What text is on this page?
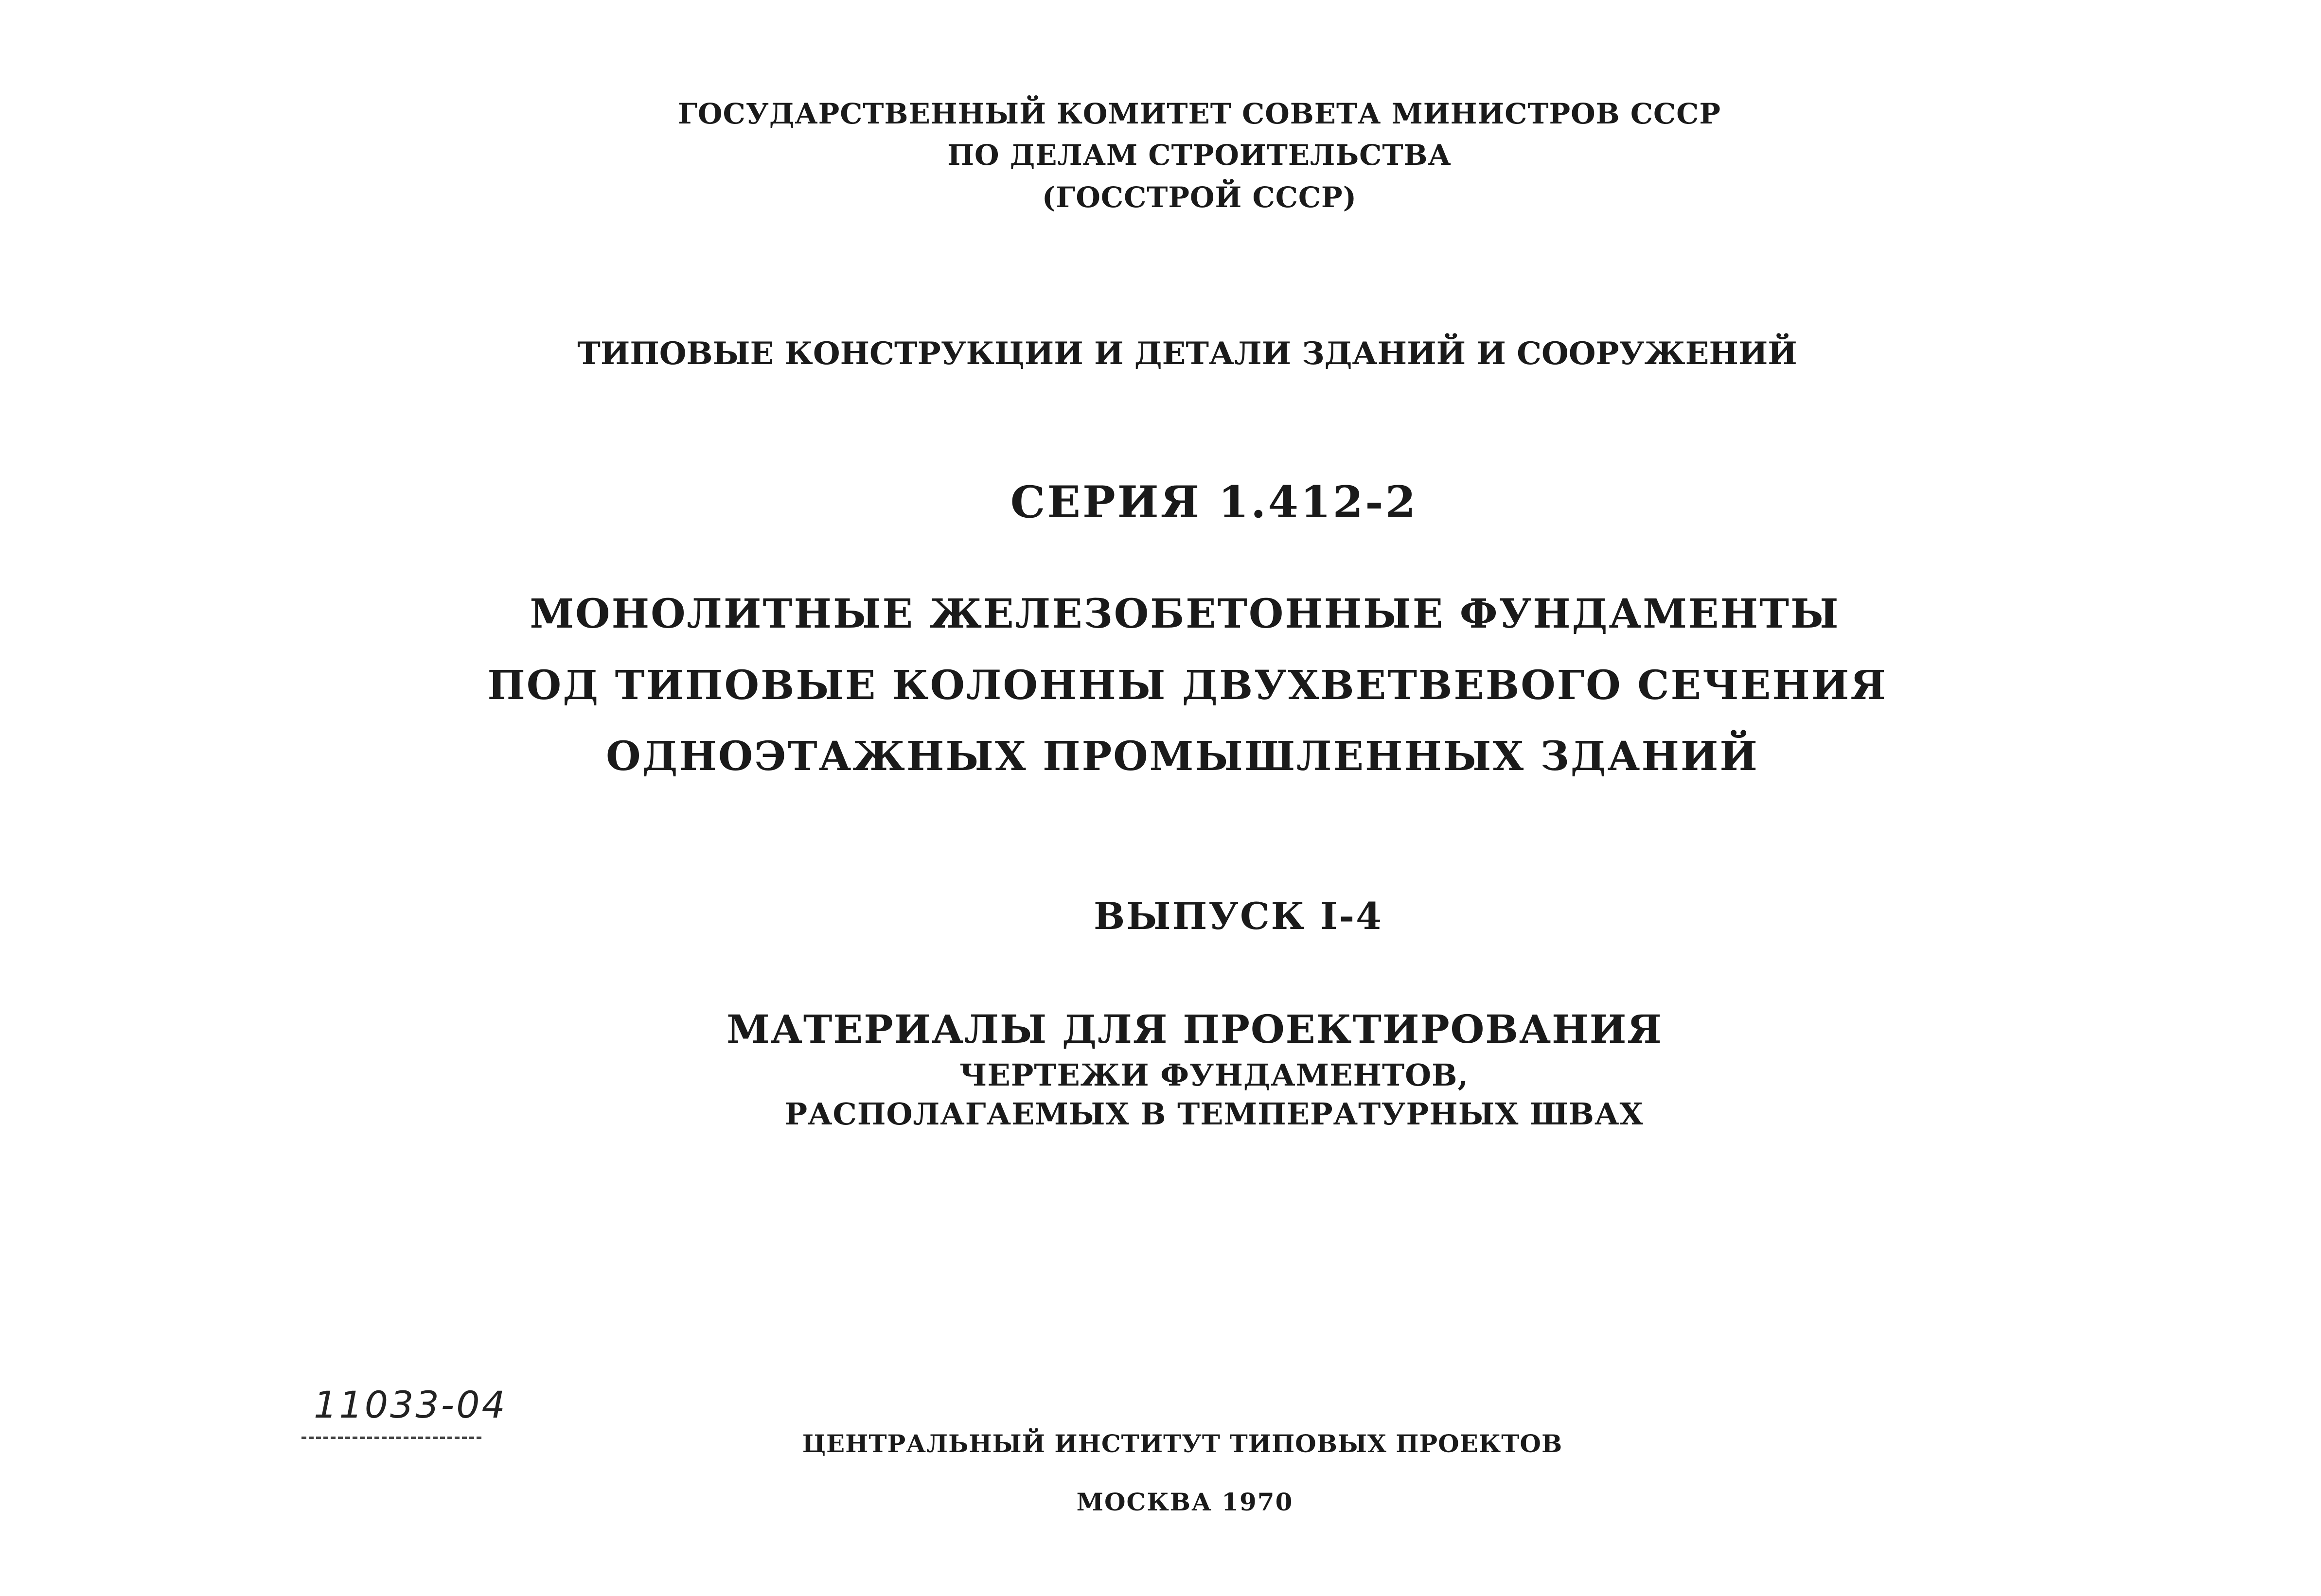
ГОСУДАРСТВЕННЫЙ КОМИТЕТ СОВЕТА МИНИСТРОВ СССР
ПО ДЕЛАМ СТРОИТЕЛЬСТВА
(ГОССТРОЙ СССР)
ТИПОВЫЕ КОНСТРУКЦИИ И ДЕТАЛИ ЗДАНИЙ И СООРУЖЕНИЙ
СЕРИЯ 1.412-2
МОНОЛИТНЫЕ ЖЕЛЕЗОБЕТОННЫЕ ФУНДАМЕНТЫ
ПОД ТИПОВЫЕ КОЛОННЫ ДВУХВЕТВЕВОГО СЕЧЕНИЯ
ОДНОЭТАЖНЫХ ПРОМЫШЛЕННЫХ ЗДАНИЙ
ВЫПУСК I-4
МАТЕРИАЛЫ ДЛЯ ПРОЕКТИРОВАНИЯ
ЧЕРТЕЖИ ФУНДАМЕНТОВ,
РАСПОЛАГАЕМЫХ В ТЕМПЕРАТУРНЫХ ШВАХ
11033-04
ЦЕНТРАЛЬНЫЙ ИНСТИТУТ ТИПОВЫХ ПРОЕКТОВ
МОСКВА 1970
